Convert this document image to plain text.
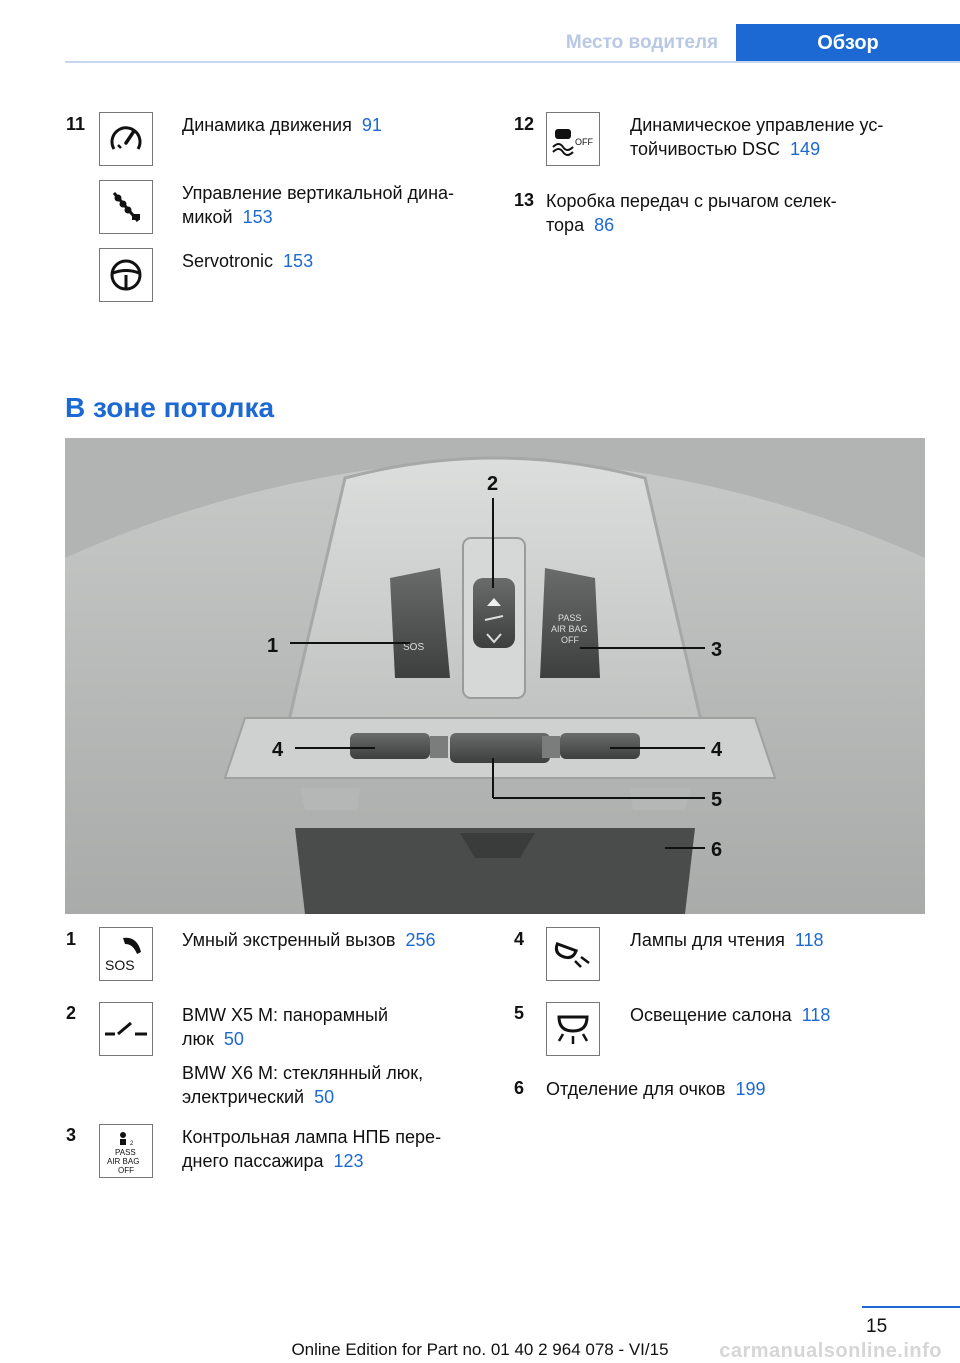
Место водителя	Обзор
11	Динамика движения 91
Управление вертикальной дина‐
микой 153
Servotronic 153
12
OFF
Динамическое управление ус‐
тойчивостью DSC 149
13 Коробка передач с рычагом селек‐
тора 86
В зоне потолка
SOS
PASS
AIR BAG
OFF
2
1	3
4	4
5
6
1
SOS
Умный экстренный вызов 256
2	BMW X5 M: панорамный
люк 50
BMW X6 M: стеклянный люк,
электрический 50
3	2
PASS
AIR BAG
OFF
Контрольная лампа НПБ пере‐
днего пассажира 123
4	Лампы для чтения 118
5	Освещение салона 118
6 Отделение для очков 199
15
Online Edition for Part no. 01 40 2 964 078 - VI/15	carmanualsonline.info
